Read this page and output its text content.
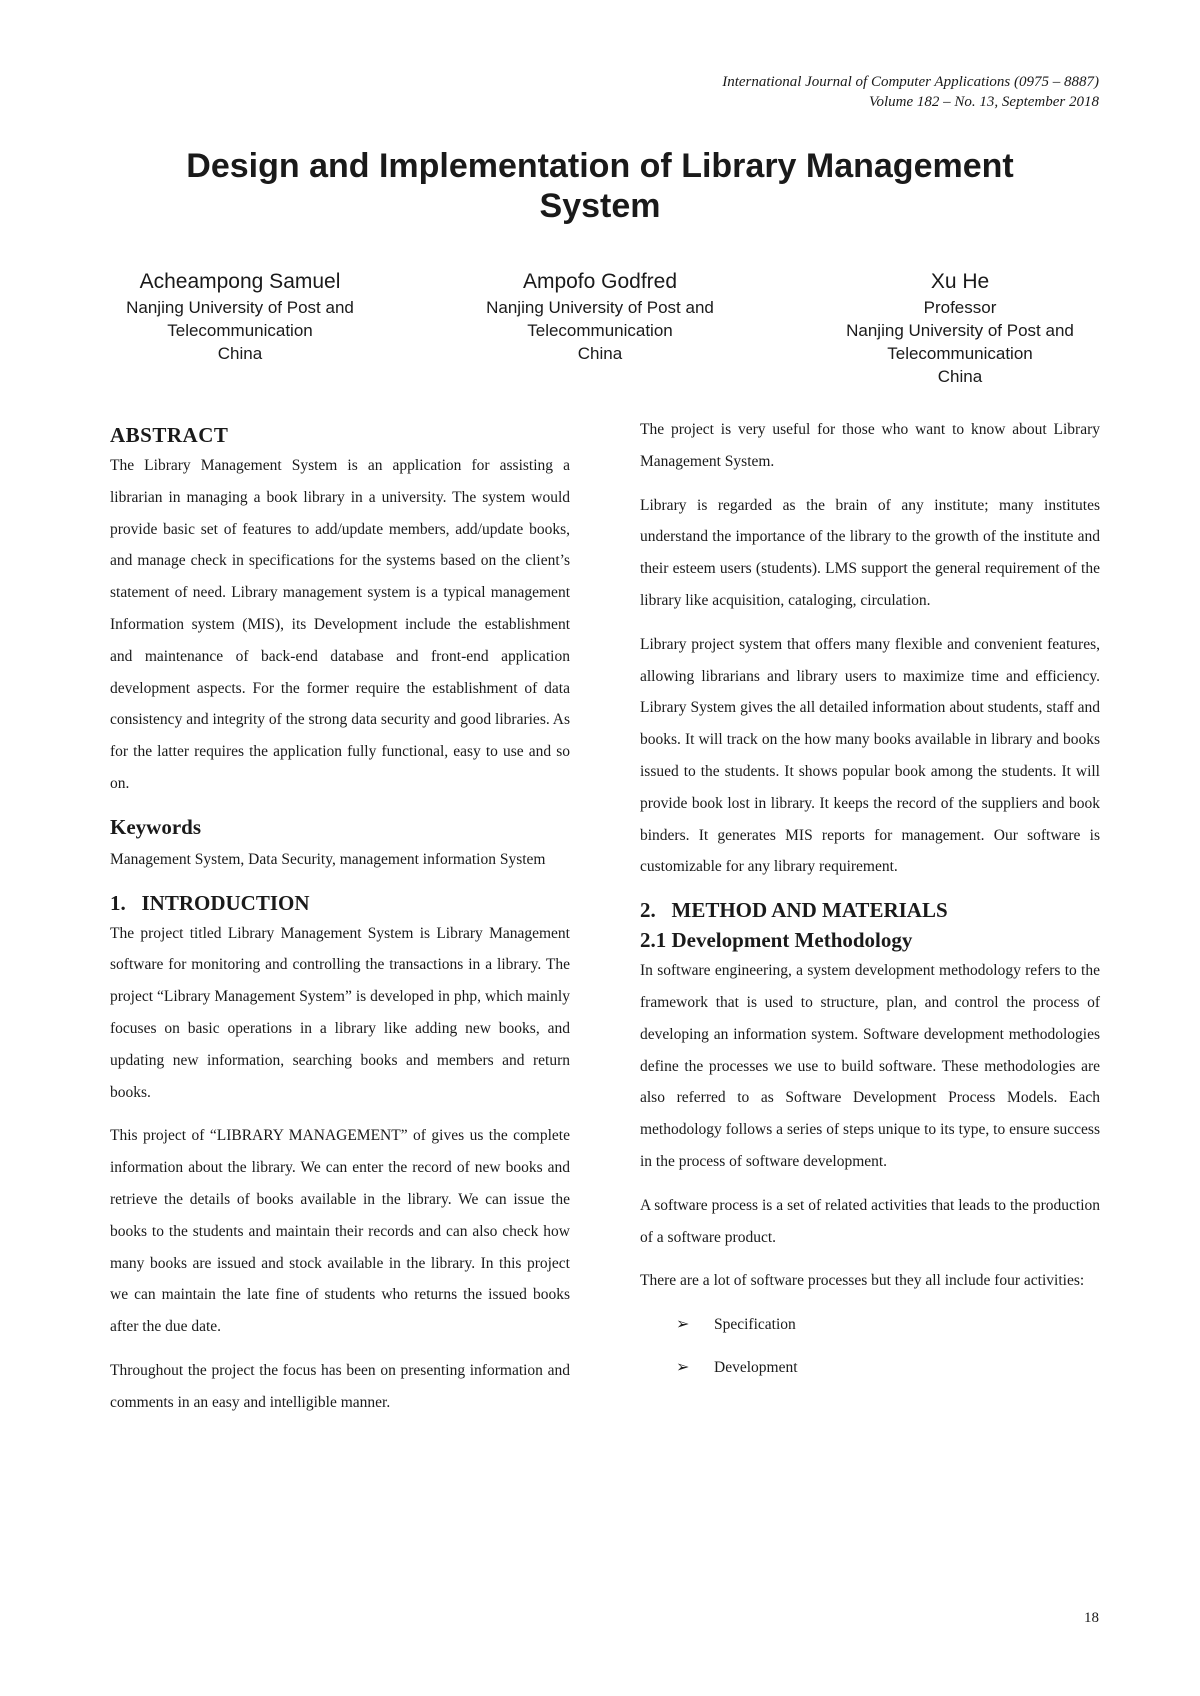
International Journal of Computer Applications (0975 – 8887)
Volume 182 – No. 13, September 2018
Design and Implementation of Library Management
System
Acheampong Samuel
Nanjing University of Post and
Telecommunication
China
Ampofo Godfred
Nanjing University of Post and
Telecommunication
China
Xu He
Professor
Nanjing University of Post and
Telecommunication
China
ABSTRACT

The Library Management System is an application for assisting a librarian in managing a book library in a university. The system would provide basic set of features to add/update members, add/update books, and manage check in specifications for the systems based on the client’s statement of need. Library management system is a typical management Information system (MIS), its Development include the establishment and maintenance of back-end database and front-end application development aspects. For the former require the establishment of data consistency and integrity of the strong data security and good libraries. As for the latter requires the application fully functional, easy to use and so on.

Keywords

Management System, Data Security, management information System

1.   INTRODUCTION

The project titled Library Management System is Library Management software for monitoring and controlling the transactions in a library. The project “Library Management System” is developed in php, which mainly focuses on basic operations in a library like adding new books, and updating new information, searching books and members and return books.

This project of “LIBRARY MANAGEMENT” of gives us the complete information about the library. We can enter the record of new books and retrieve the details of books available in the library. We can issue the books to the students and maintain their records and can also check how many books are issued and stock available in the library. In this project we can maintain the late fine of students who returns the issued books after the due date.

Throughout the project the focus has been on presenting information and comments in an easy and intelligible manner.

The project is very useful for those who want to know about Library Management System.

Library is regarded as the brain of any institute; many institutes understand the importance of the library to the growth of the institute and their esteem users (students). LMS support the general requirement of the library like acquisition, cataloging, circulation.

Library project system that offers many flexible and convenient features, allowing librarians and library users to maximize time and efficiency. Library System gives the all detailed information about students, staff and books. It will track on the how many books available in library and books issued to the students. It shows popular book among the students. It will provide book lost in library. It keeps the record of the suppliers and book binders. It generates MIS reports for management. Our software is customizable for any library requirement.

2.   METHOD AND MATERIALS
2.1 Development Methodology

In software engineering, a system development methodology refers to the framework that is used to structure, plan, and control the process of developing an information system. Software development methodologies define the processes we use to build software. These methodologies are also referred to as Software Development Process Models. Each methodology follows a series of steps unique to its type, to ensure success in the process of software development.

A software process is a set of related activities that leads to the production of a software product.

There are a lot of software processes but they all include four activities:

➢ Specification
➢ Development
18
